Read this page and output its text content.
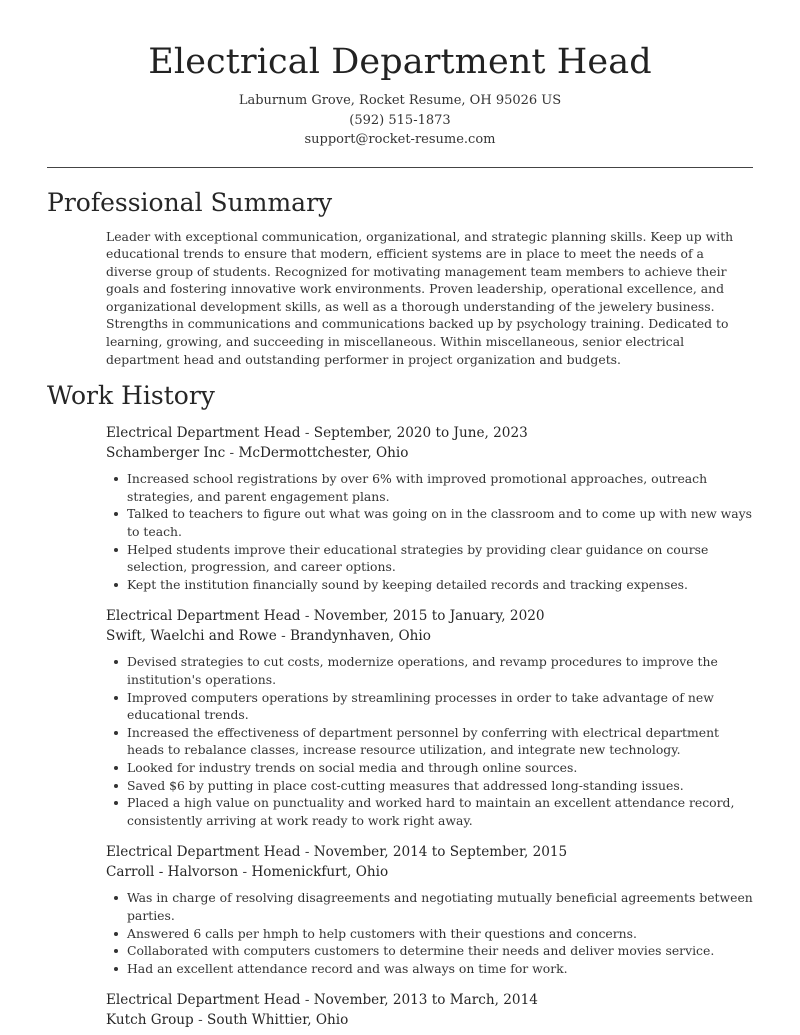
Electrical Department Head
Laburnum Grove, Rocket Resume, OH 95026 US
(592) 515-1873
support@rocket-resume.com
Professional Summary

Leader with exceptional communication, organizational, and strategic planning skills. Keep up with educational trends to ensure that modern, efficient systems are in place to meet the needs of a diverse group of students. Recognized for motivating management team members to achieve their goals and fostering innovative work environments. Proven leadership, operational excellence, and organizational development skills, as well as a thorough understanding of the jewelery business. Strengths in communications and communications backed up by psychology training. Dedicated to learning, growing, and succeeding in miscellaneous. Within miscellaneous, senior electrical department head and outstanding performer in project organization and budgets.

Work History
Electrical Department Head - September, 2020 to June, 2023
Schamberger Inc - McDermottchester, Ohio
Increased school registrations by over 6% with improved promotional approaches, outreach strategies, and parent engagement plans.
Talked to teachers to figure out what was going on in the classroom and to come up with new ways to teach.
Helped students improve their educational strategies by providing clear guidance on course selection, progression, and career options.
Kept the institution financially sound by keeping detailed records and tracking expenses.
Electrical Department Head - November, 2015 to January, 2020
Swift, Waelchi and Rowe - Brandynhaven, Ohio
Devised strategies to cut costs, modernize operations, and revamp procedures to improve the institution's operations.
Improved computers operations by streamlining processes in order to take advantage of new educational trends.
Increased the effectiveness of department personnel by conferring with electrical department heads to rebalance classes, increase resource utilization, and integrate new technology.
Looked for industry trends on social media and through online sources.
Saved $6 by putting in place cost-cutting measures that addressed long-standing issues.
Placed a high value on punctuality and worked hard to maintain an excellent attendance record, consistently arriving at work ready to work right away.
Electrical Department Head - November, 2014 to September, 2015
Carroll - Halvorson - Homenickfurt, Ohio
Was in charge of resolving disagreements and negotiating mutually beneficial agreements between parties.
Answered 6 calls per hmph to help customers with their questions and concerns.
Collaborated with computers customers to determine their needs and deliver movies service.
Had an excellent attendance record and was always on time for work.
Electrical Department Head - November, 2013 to March, 2014
Kutch Group - South Whittier, Ohio
